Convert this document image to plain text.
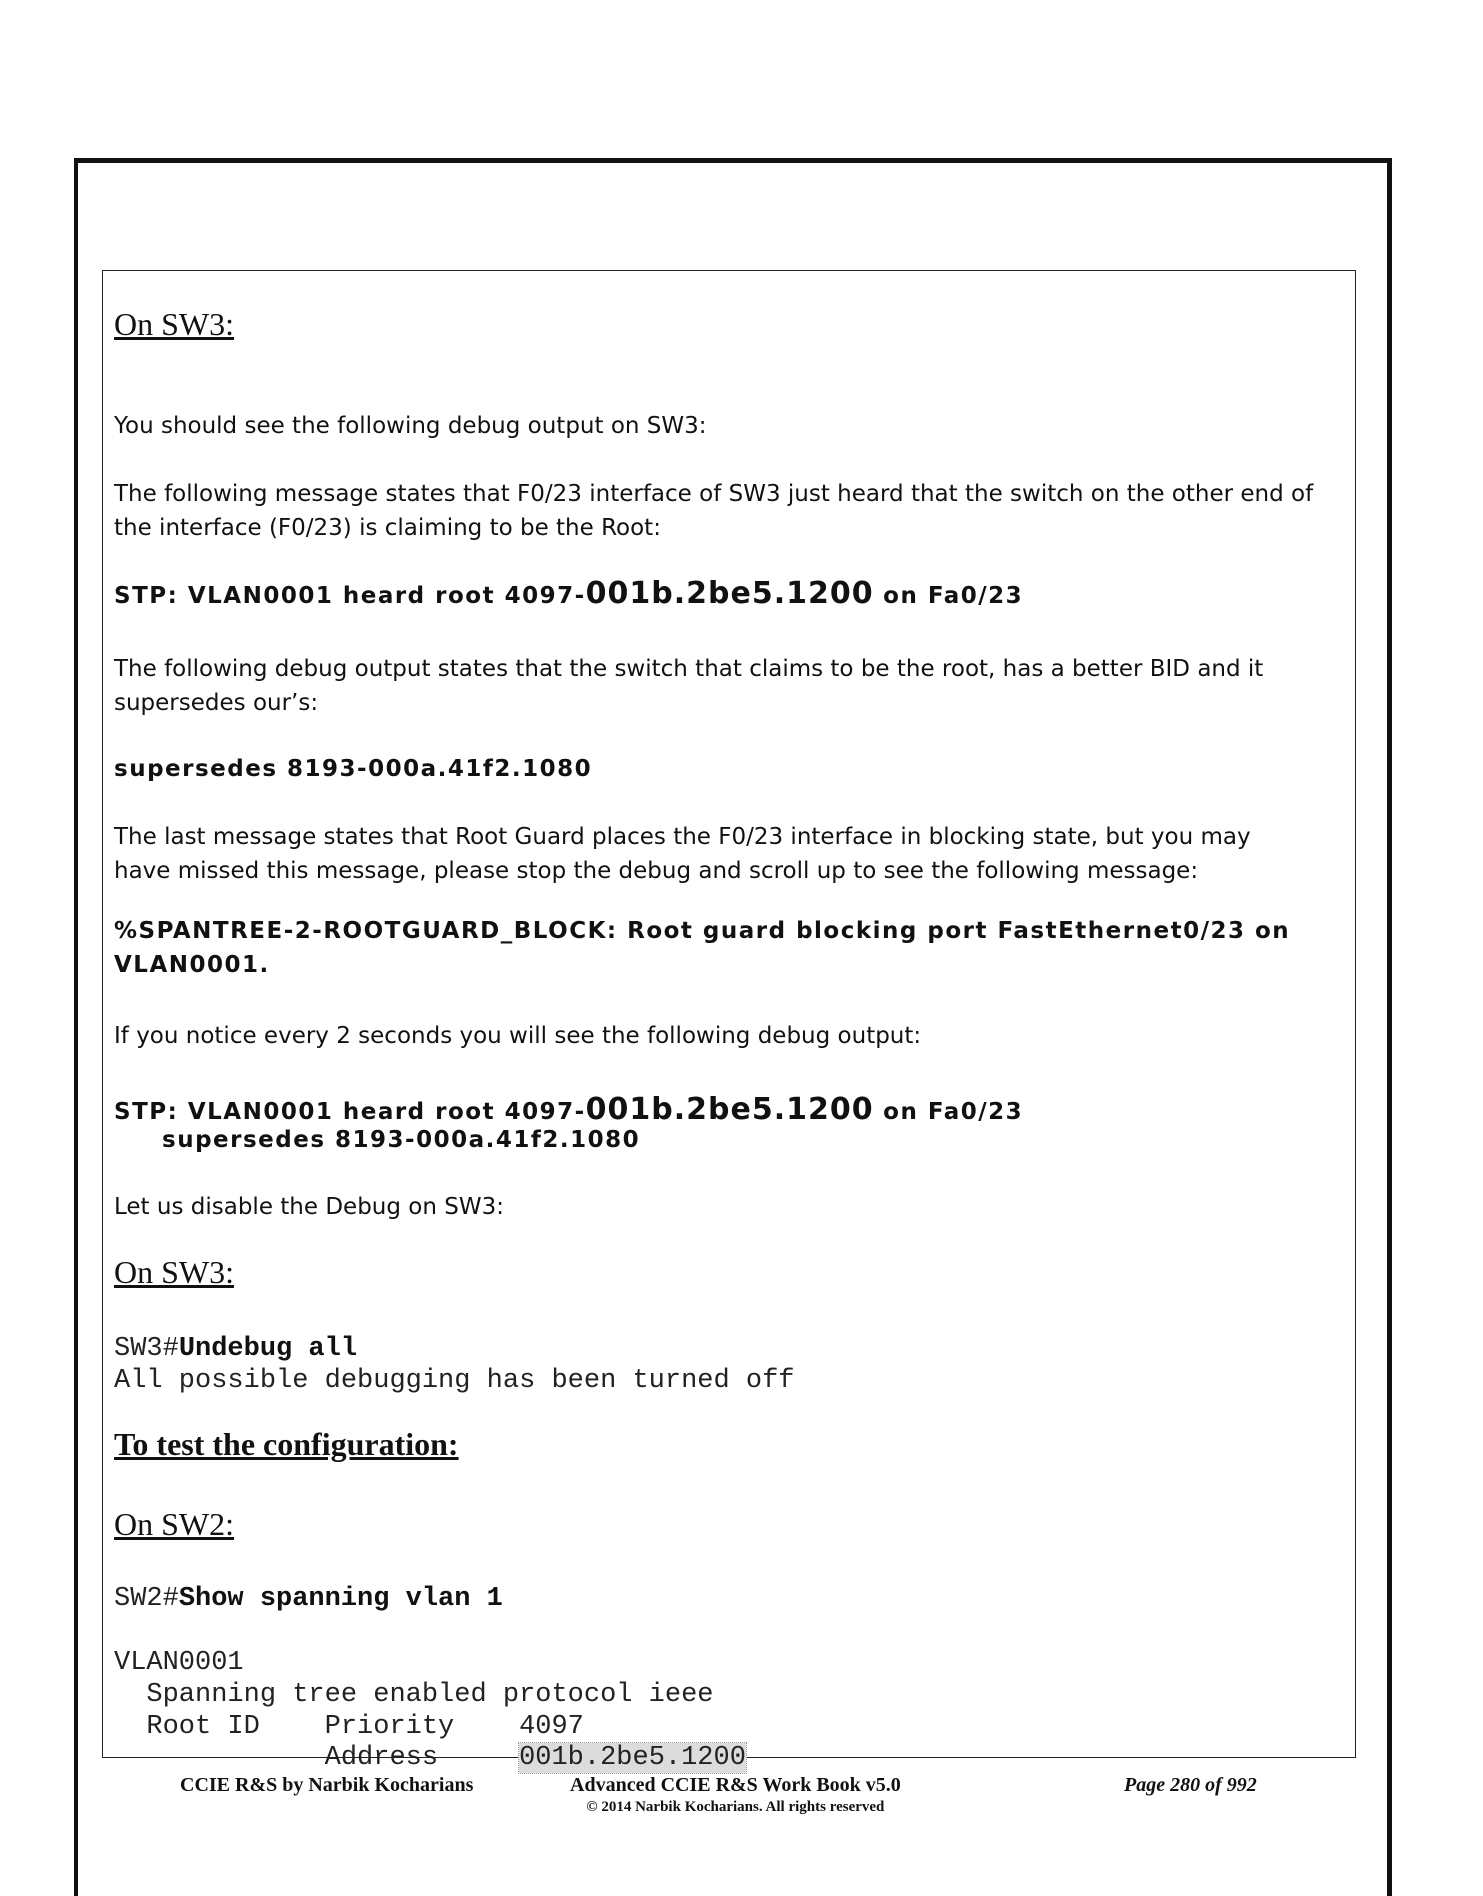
On SW3:
You should see the following debug output on SW3:
The following message states that F0/23 interface of SW3 just heard that the switch on the other end of the interface (F0/23) is claiming to be the Root:
STP: VLAN0001 heard root 4097-001b.2be5.1200 on Fa0/23
The following debug output states that the switch that claims to be the root, has a better BID and it supersedes our’s:
supersedes 8193-000a.41f2.1080
The last message states that Root Guard places the F0/23 interface in blocking state, but you may have missed this message, please stop the debug and scroll up to see the following message:
%SPANTREE-2-ROOTGUARD_BLOCK: Root guard blocking port FastEthernet0/23 on
VLAN0001.
If you notice every 2 seconds you will see the following debug output:
STP: VLAN0001 heard root 4097-001b.2be5.1200 on Fa0/23
supersedes 8193-000a.41f2.1080
Let us disable the Debug on SW3:
On SW3:
SW3#Undebug all
All possible debugging has been turned off
To test the configuration:
On SW2:
SW2#Show spanning vlan 1
VLAN0001
Spanning tree enabled protocol ieee
Root ID    Priority    4097
Address     001b.2be5.1200
CCIE R&S by Narbik Kocharians	Advanced CCIE R&S Work Book v5.0
© 2014 Narbik Kocharians. All rights reserved
Page 280 of 992
